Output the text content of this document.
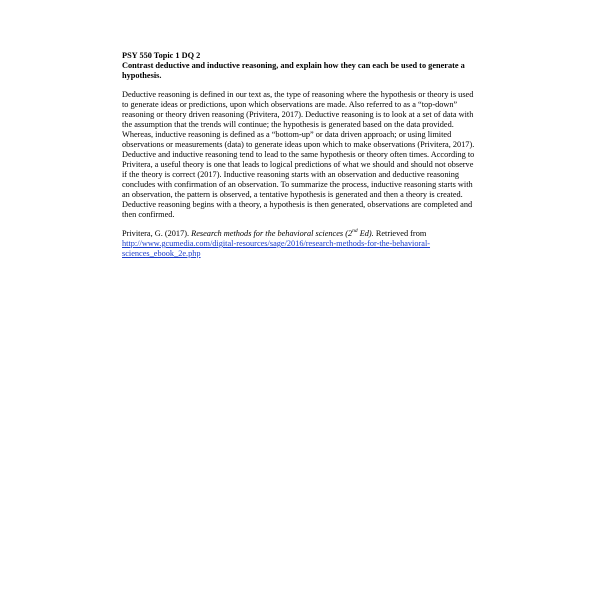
PSY 550 Topic 1 DQ 2

Contrast deductive and inductive reasoning, and explain how they can each be used to generate a hypothesis.

Deductive reasoning is defined in our text as, the type of reasoning where the hypothesis or theory is used to generate ideas or predictions, upon which observations are made. Also referred to as a “top-down” reasoning or theory driven reasoning (Privitera, 2017). Deductive reasoning is to look at a set of data with the assumption that the trends will continue; the hypothesis is generated based on the data provided. Whereas, inductive reasoning is defined as a “bottom-up” or data driven approach; or using limited observations or measurements (data) to generate ideas upon which to make observations (Privitera, 2017).

Deductive and inductive reasoning tend to lead to the same hypothesis or theory often times. According to Privitera, a useful theory is one that leads to logical predictions of what we should and should not observe if the theory is correct (2017). Inductive reasoning starts with an observation and deductive reasoning concludes with confirmation of an observation. To summarize the process, inductive reasoning starts with an observation, the pattern is observed, a tentative hypothesis is generated and then a theory is created. Deductive reasoning begins with a theory, a hypothesis is then generated, observations are completed and then confirmed.

Privitera, G. (2017). Research methods for the behavioral sciences (2nd Ed). Retrieved from http://www.gcumedia.com/digital-resources/sage/2016/research-methods-for-the-behavioral-sciences_ebook_2e.php
